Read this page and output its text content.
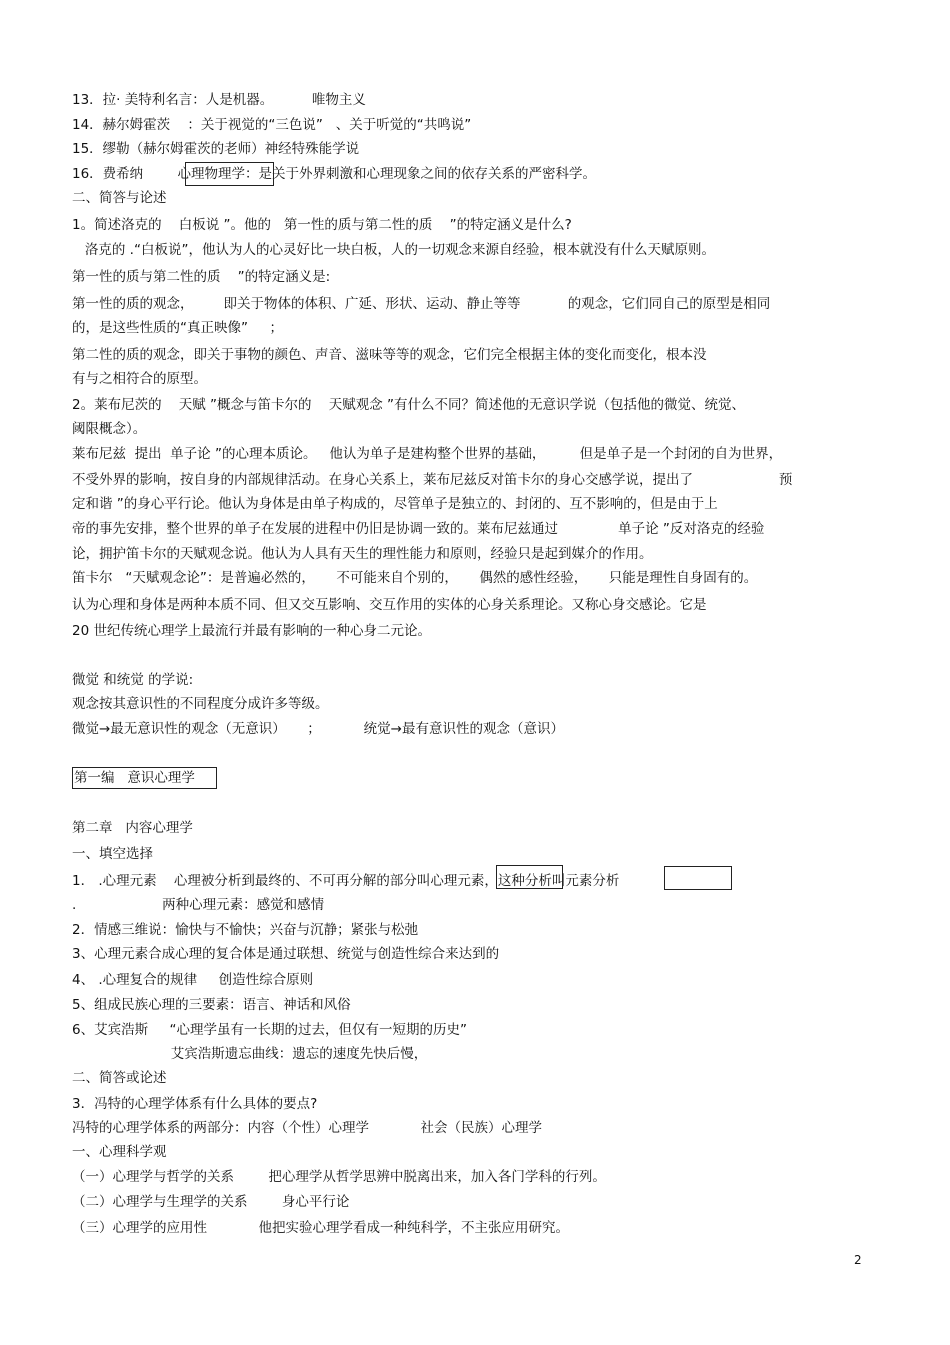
13．拉· 美特利名言：人是机器。         唯物主义
14．赫尔姆霍茨    ：关于视觉的“三色说”   、关于听觉的“共鸣说”
15．缪勒（赫尔姆霍茨的老师）神经特殊能学说
16．费希纳        心理物理学：是关于外界刺激和心理现象之间的依存关系的严密科学。
二、简答与论述
1。简述洛克的    白板说 ”。他的   第一性的质与第二性的质    ”的特定涵义是什么?
洛克的 .“白板说”，他认为人的心灵好比一块白板，人的一切观念来源自经验，根本就没有什么天赋原则。
第一性的质与第二性的质    ”的特定涵义是:
第一性的质的观念，       即关于物体的体积、广延、形状、运动、静止等等           的观念，它们同自己的原型是相同
的，是这些性质的“真正映像”     ；
第二性的质的观念，即关于事物的颜色、声音、滋味等等的观念，它们完全根据主体的变化而变化，根本没
有与之相符合的原型。
2。莱布尼茨的    天赋 ”概念与笛卡尔的    天赋观念 ”有什么不同？简述他的无意识学说（包括他的微觉、统觉、
阈限概念）。
莱布尼兹  提出  单子论 ”的心理本质论。   他认为单子是建构整个世界的基础，        但是单子是一个封闭的自为世界，
不受外界的影响，按自身的内部规律活动。在身心关系上，莱布尼兹反对笛卡尔的身心交感学说，提出了                    预
定和谐 ”的身心平行论。他认为身体是由单子构成的，尽管单子是独立的、封闭的、互不影响的，但是由于上
帝的事先安排，整个世界的单子在发展的进程中仍旧是协调一致的。莱布尼兹通过              单子论 ”反对洛克的经验
论，拥护笛卡尔的天赋观念说。他认为人具有天生的理性能力和原则，经验只是起到媒介的作用。
笛卡尔   “天赋观念论”：是普遍必然的，     不可能来自个别的，     偶然的感性经验，     只能是理性自身固有的。
认为心理和身体是两种本质不同、但又交互影响、交互作用的实体的心身关系理论。又称心身交感论。它是
20 世纪传统心理学上最流行并最有影响的一种心身二元论。
微觉 和统觉 的学说:
观念按其意识性的不同程度分成许多等级。
微觉→最无意识性的观念（无意识）     ；          统觉→最有意识性的观念（意识）
第一编   意识心理学
第二章   内容心理学
一、填空选择
1． .心理元素    心理被分析到最终的、不可再分解的部分叫心理元素，这种分析叫元素分析
.                    两种心理元素：感觉和感情
2．情感三维说：愉快与不愉快；兴奋与沉静；紧张与松弛
3、心理元素合成心理的复合体是通过联想、统觉与创造性综合来达到的
4、 .心理复合的规律     创造性综合原则
5、组成民族心理的三要素：语言、神话和风俗
6、艾宾浩斯     “心理学虽有一长期的过去，但仅有一短期的历史”
艾宾浩斯遗忘曲线：遗忘的速度先快后慢，
二、简答或论述
3．冯特的心理学体系有什么具体的要点?
冯特的心理学体系的两部分：内容（个性）心理学            社会（民族）心理学
一、心理科学观
（一）心理学与哲学的关系        把心理学从哲学思辨中脱离出来，加入各门学科的行列。
（二）心理学与生理学的关系        身心平行论
（三）心理学的应用性            他把实验心理学看成一种纯科学，不主张应用研究。
2
